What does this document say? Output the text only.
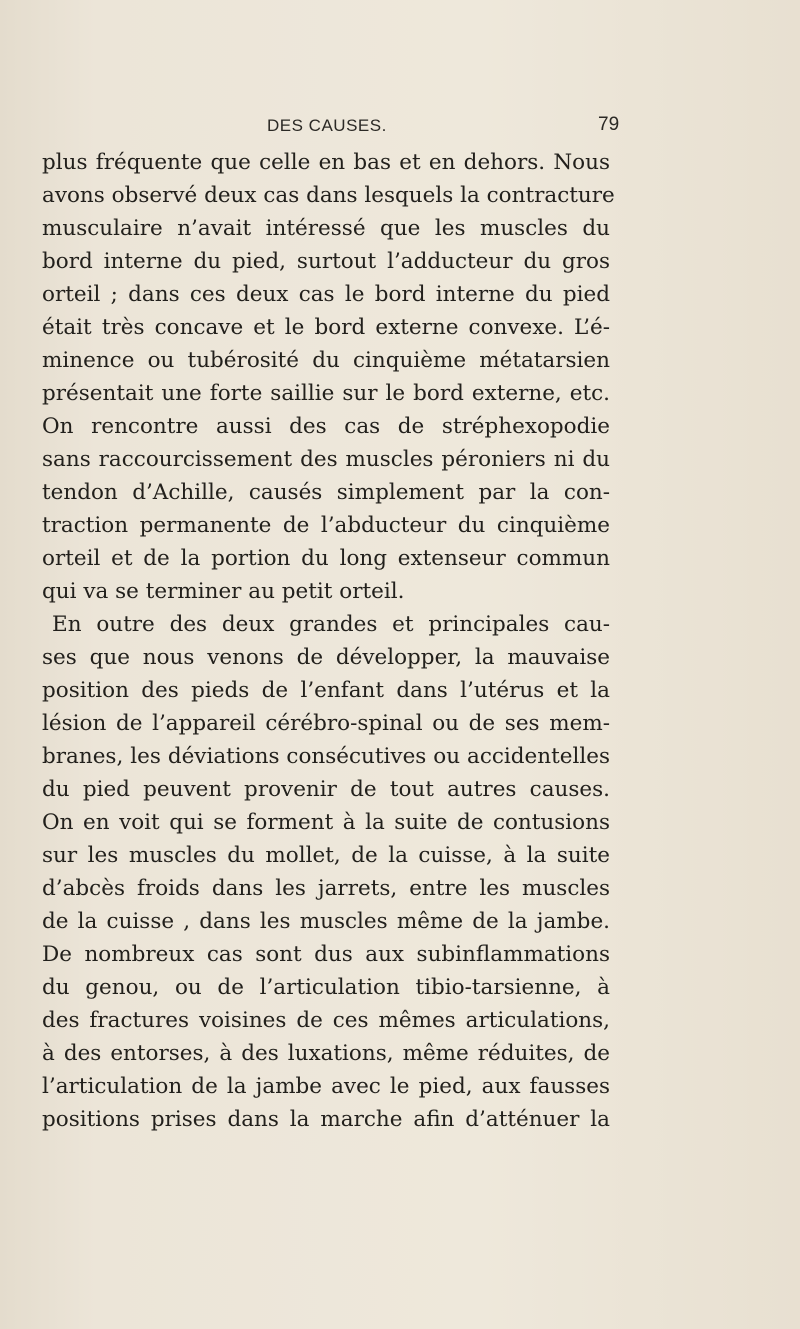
DES CAUSES.	79
plus fréquente que celle en bas et en dehors. Nous
avons observé deux cas dans lesquels la contracture
musculaire n’avait intéressé que les muscles du
bord interne du pied, surtout l’adducteur du gros
orteil ; dans ces deux cas le bord interne du pied
était très concave et le bord externe convexe. L’é-
minence ou tubérosité du cinquième métatarsien
présentait une forte saillie sur le bord externe, etc.
On rencontre aussi des cas de stréphexopodie
sans raccourcissement des muscles péroniers ni du
tendon d’Achille, causés simplement par la con-
traction permanente de l’abducteur du cinquième
orteil et de la portion du long extenseur commun
qui va se terminer au petit orteil.
En outre des deux grandes et principales cau-
ses que nous venons de développer, la mauvaise
position des pieds de l’enfant dans l’utérus et la
lésion de l’appareil cérébro-spinal ou de ses mem-
branes, les déviations consécutives ou accidentelles
du pied peuvent provenir de tout autres causes.
On en voit qui se forment à la suite de contusions
sur les muscles du mollet, de la cuisse, à la suite
d’abcès froids dans les jarrets, entre les muscles
de la cuisse , dans les muscles même de la jambe.
De nombreux cas sont dus aux subinflammations
du genou, ou de l’articulation tibio-tarsienne, à
des fractures voisines de ces mêmes articulations,
à des entorses, à des luxations, même réduites, de
l’articulation de la jambe avec le pied, aux fausses
positions prises dans la marche afin d’atténuer la
